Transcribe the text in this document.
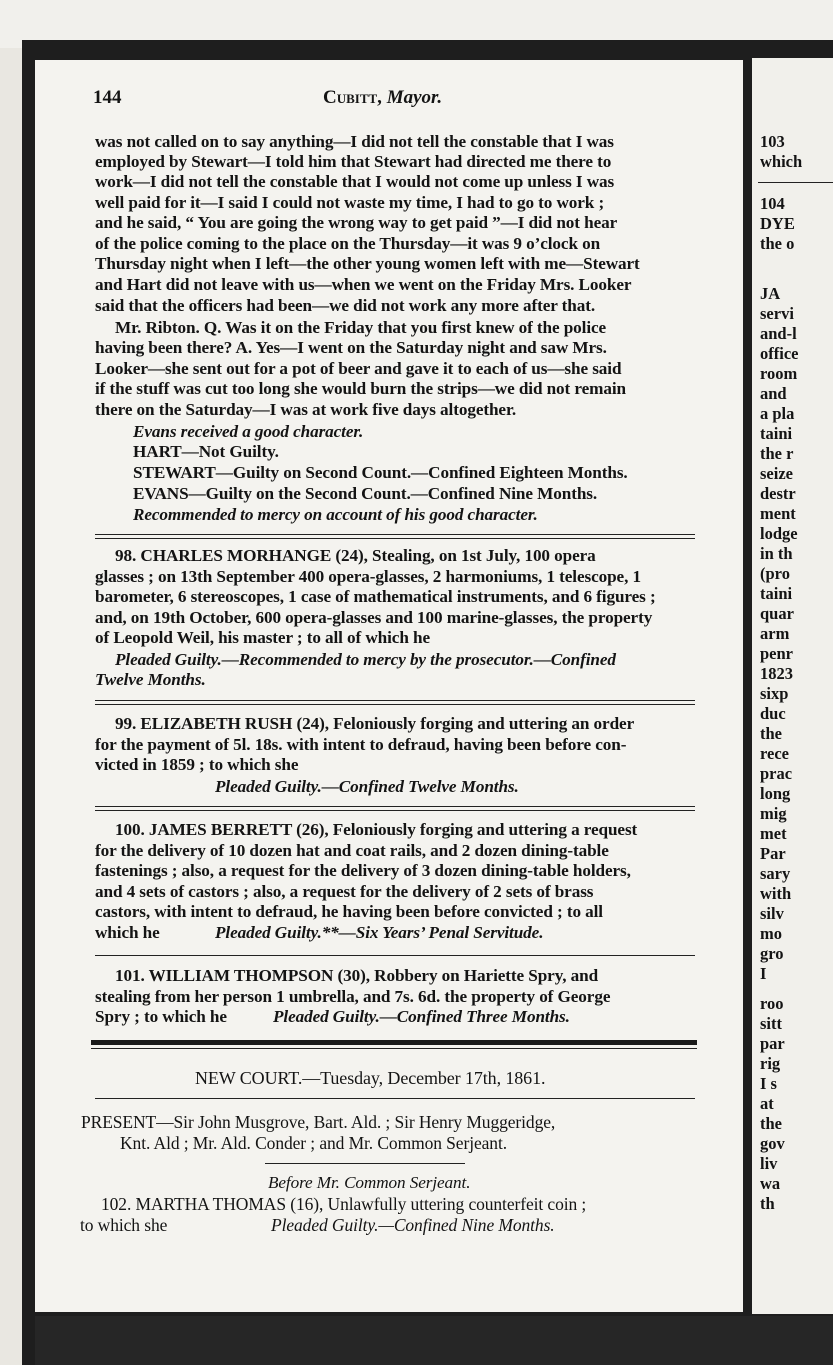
103
which
104
DYE
the o
JA
servi
and-l
office
room
and
a pla
taini
the r
seize
destr
ment
lodge
in th
(pro
taini
quar
arm
penr
1823
sixp
duc
the
rece
prac
long
mig
met
Par
sary
with
silv
mo
gro
I
roo
sitt
par
rig
I s
at
the
gov
liv
wa
th
144	Cubitt, Mayor.
was not called on to say anything—I did not tell the constable that I was
employed by Stewart—I told him that Stewart had directed me there to
work—I did not tell the constable that I would not come up unless I was
well paid for it—I said I could not waste my time, I had to go to work ;
and he said, “ You are going the wrong way to get paid ”—I did not hear
of the police coming to the place on the Thursday—it was 9 o’clock on
Thursday night when I left—the other young women left with me—Stewart
and Hart did not leave with us—when we went on the Friday Mrs. Looker
said that the officers had been—we did not work any more after that.
Mr. Ribton. Q. Was it on the Friday that you first knew of the police
having been there? A. Yes—I went on the Saturday night and saw Mrs.
Looker—she sent out for a pot of beer and gave it to each of us—she said
if the stuff was cut too long she would burn the strips—we did not remain
there on the Saturday—I was at work five days altogether.
Evans received a good character.
HART—Not Guilty.
STEWART—Guilty on Second Count.—Confined Eighteen Months.
EVANS—Guilty on the Second Count.—Confined Nine Months.
Recommended to mercy on account of his good character.
98. CHARLES MORHANGE (24), Stealing, on 1st July, 100 opera
glasses ; on 13th September 400 opera-glasses, 2 harmoniums, 1 telescope, 1
barometer, 6 stereoscopes, 1 case of mathematical instruments, and 6 figures ;
and, on 19th October, 600 opera-glasses and 100 marine-glasses, the property
of Leopold Weil, his master ; to all of which he
Pleaded Guilty.—Recommended to mercy by the prosecutor.—Confined
Twelve Months.
99. ELIZABETH RUSH (24), Feloniously forging and uttering an order
for the payment of 5l. 18s. with intent to defraud, having been before con-
victed in 1859 ; to which she
Pleaded Guilty.—Confined Twelve Months.
100. JAMES BERRETT (26), Feloniously forging and uttering a request
for the delivery of 10 dozen hat and coat rails, and 2 dozen dining-table
fastenings ; also, a request for the delivery of 3 dozen dining-table holders,
and 4 sets of castors ; also, a request for the delivery of 2 sets of brass
castors, with intent to defraud, he having been before convicted ; to all
which he	Pleaded Guilty.**—Six Years’ Penal Servitude.
101. WILLIAM THOMPSON (30), Robbery on Hariette Spry, and
stealing from her person 1 umbrella, and 7s. 6d. the property of George
Spry ; to which he	Pleaded Guilty.—Confined Three Months.
NEW COURT.—Tuesday, December 17th, 1861.
PRESENT—Sir John Musgrove, Bart. Ald. ; Sir Henry Muggeridge,
Knt. Ald ; Mr. Ald. Conder ; and Mr. Common Serjeant.
Before Mr. Common Serjeant.
102. MARTHA THOMAS (16), Unlawfully uttering counterfeit coin ;
to which she	Pleaded Guilty.—Confined Nine Months.
